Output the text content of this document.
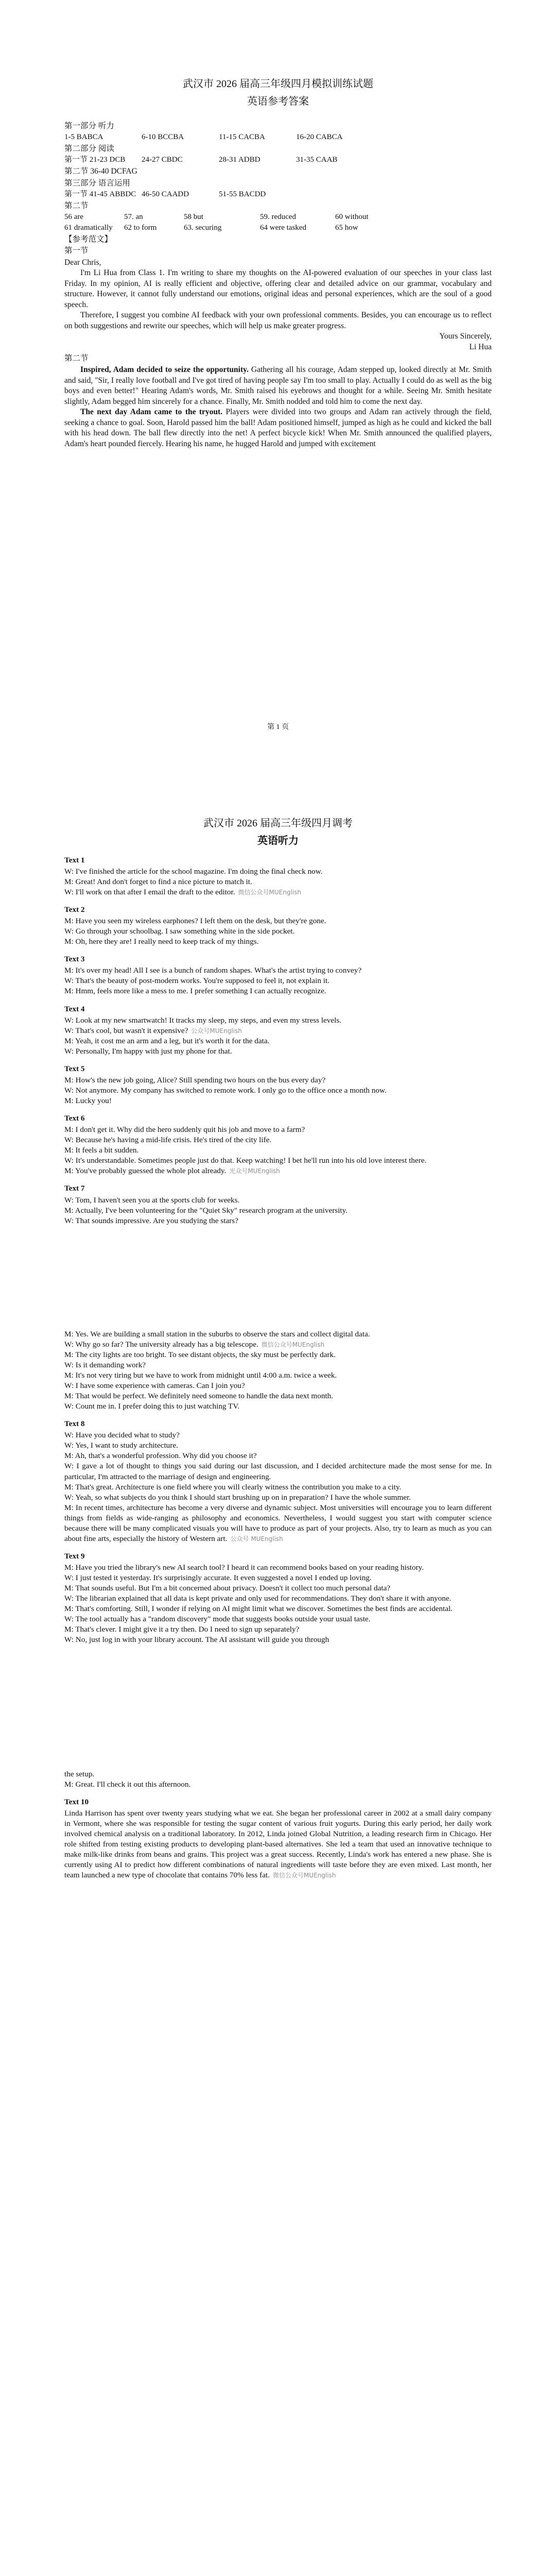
武汉市 2026 届高三年级四月模拟训练试题
英语参考答案
第一部分 听力
1-5 BABCA	6-10 BCCBA	11-15 CACBA	16-20 CABCA
第二部分 阅读
第一节 21-23 DCB	24-27 CBDC	28-31 ADBD	31-35 CAAB
第二节 36-40 DCFAG
第三部分 语言运用
第一节 41-45 ABBDC 46-50 CAADD	51-55 BACDD
第二节
56 are	57. an	58 but	59. reduced	60 without
61 dramatically	62 to form	63. securing	64 were tasked	65 how
【参考范文】
第一节

Dear Chris,

I'm Li Hua from Class 1. I'm writing to share my thoughts on the AI-powered evaluation of our speeches in your class last Friday. In my opinion, AI is really efficient and objective, offering clear and detailed advice on our grammar, vocabulary and structure. However, it cannot fully understand our emotions, original ideas and personal experiences, which are the soul of a good speech.

Therefore, I suggest you combine AI feedback with your own professional comments. Besides, you can encourage us to reflect on both suggestions and rewrite our speeches, which will help us make greater progress.

Yours Sincerely,

Li Hua

第二节

Inspired, Adam decided to seize the opportunity. Gathering all his courage, Adam stepped up, looked directly at Mr. Smith and said, "Sir, I really love football and I've got tired of having people say I'm too small to play. Actually I could do as well as the big boys and even better!" Hearing Adam's words, Mr. Smith raised his eyebrows and thought for a while. Seeing Mr. Smith hesitate slightly, Adam begged him sincerely for a chance. Finally, Mr. Smith nodded and told him to come the next day.

The next day Adam came to the tryout. Players were divided into two groups and Adam ran actively through the field, seeking a chance to goal. Soon, Harold passed him the ball! Adam positioned himself, jumped as high as he could and kicked the ball with his head down. The ball flew directly into the net! A perfect bicycle kick! When Mr. Smith announced the qualified players, Adam's heart pounded fiercely. Hearing his name, he hugged Harold and jumped with excitement

第 1 页
武汉市 2026 届高三年级四月调考
英语听力
Text 1

W: I've finished the article for the school magazine. I'm doing the final check now.

M: Great! And don't forget to find a nice picture to match it.

W: I'll work on that after I email the draft to the editor. 微信公众号MUEnglish

Text 2

M: Have you seen my wireless earphones? I left them on the desk, but they're gone.

W: Go through your schoolbag. I saw something white in the side pocket.

M: Oh, here they are! I really need to keep track of my things.

Text 3

M: It's over my head! All I see is a bunch of random shapes. What's the artist trying to convey?

W: That's the beauty of post-modern works. You're supposed to feel it, not explain it.

M: Hmm, feels more like a mess to me. I prefer something I can actually recognize.

Text 4

W: Look at my new smartwatch! It tracks my sleep, my steps, and even my stress levels.

W: That's cool, but wasn't it expensive? 公众号MUEnglish

M: Yeah, it cost me an arm and a leg, but it's worth it for the data.

W: Personally, I'm happy with just my phone for that.

Text 5

M: How's the new job going, Alice? Still spending two hours on the bus every day?

W: Not anymore. My company has switched to remote work. I only go to the office once a month now.

M: Lucky you!

Text 6

M: I don't get it. Why did the hero suddenly quit his job and move to a farm?

W: Because he's having a mid-life crisis. He's tired of the city life.

M: It feels a bit sudden.

W: It's understandable. Sometimes people just do that. Keep watching! I bet he'll run into his old love interest there.

M: You've probably guessed the whole plot already. 光众号MUEnglish

Text 7

W: Tom, I haven't seen you at the sports club for weeks.

M: Actually, I've been volunteering for the "Quiet Sky" research program at the university.

W: That sounds impressive. Are you studying the stars?

M: Yes. We are building a small station in the suburbs to observe the stars and collect digital data.

W: Why go so far? The university already has a big telescope. 微信公众号MUEnglish

M: The city lights are too bright. To see distant objects, the sky must be perfectly dark.

W: Is it demanding work?

M: It's not very tiring but we have to work from midnight until 4:00 a.m. twice a week.

W: I have some experience with cameras. Can I join you?

M: That would be perfect. We definitely need someone to handle the data next month.

W: Count me in. I prefer doing this to just watching TV.

Text 8

W: Have you decided what to study?

W: Yes, I want to study architecture.

M: Ah, that's a wonderful profession. Why did you choose it?

W: I gave a lot of thought to things you said during our last discussion, and I decided architecture made the most sense for me. In particular, I'm attracted to the marriage of design and engineering.

M: That's great. Architecture is one field where you will clearly witness the contribution you make to a city.

W: Yeah, so what subjects do you think I should start brushing up on in preparation? I have the whole summer.

M: In recent times, architecture has become a very diverse and dynamic subject. Most universities will encourage you to learn different things from fields as wide-ranging as philosophy and economics. Nevertheless, I would suggest you start with computer science because there will be many complicated visuals you will have to produce as part of your projects. Also, try to learn as much as you can about fine arts, especially the history of Western art. 公众号 MUEnglish

Text 9

M: Have you tried the library's new AI search tool? I heard it can recommend books based on your reading history.

W: I just tested it yesterday. It's surprisingly accurate. It even suggested a novel I ended up loving.

M: That sounds useful. But I'm a bit concerned about privacy. Doesn't it collect too much personal data?

W: The librarian explained that all data is kept private and only used for recommendations. They don't share it with anyone.

M: That's comforting. Still, I wonder if relying on AI might limit what we discover. Sometimes the best finds are accidental.

W: The tool actually has a "random discovery" mode that suggests books outside your usual taste.

M: That's clever. I might give it a try then. Do I need to sign up separately?

W: No, just log in with your library account. The AI assistant will guide you through

the setup.

M: Great. I'll check it out this afternoon.

Text 10

Linda Harrison has spent over twenty years studying what we eat. She began her professional career in 2002 at a small dairy company in Vermont, where she was responsible for testing the sugar content of various fruit yogurts. During this early period, her daily work involved chemical analysis on a traditional laboratory. In 2012, Linda joined Global Nutrition, a leading research firm in Chicago. Her role shifted from testing existing products to developing plant-based alternatives. She led a team that used an innovative technique to make milk-like drinks from beans and grains. This project was a great success. Recently, Linda's work has entered a new phase. She is currently using AI to predict how different combinations of natural ingredients will taste before they are even mixed. Last month, her team launched a new type of chocolate that contains 70% less fat. 微信公众号MUEnglish
